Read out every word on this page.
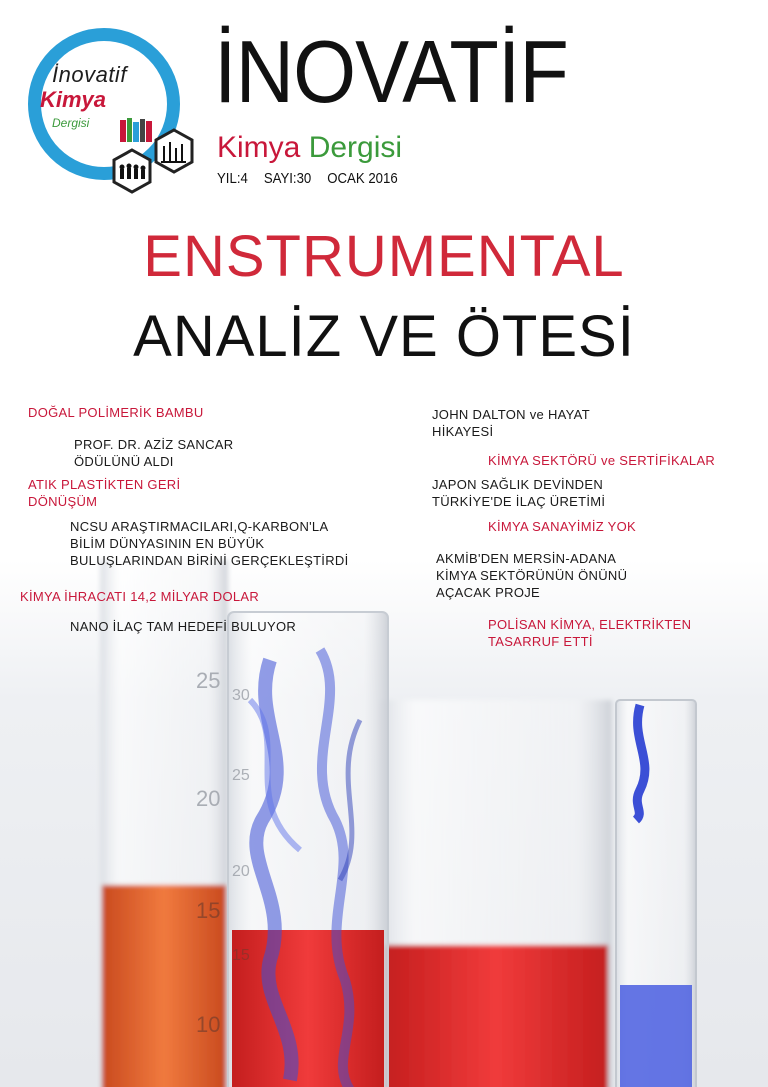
25
20
15
10
30
25
20
15
İnovatif
Kimya
Dergisi
İNOVATİF
Kimya Dergisi
YIL:4 SAYI:30 OCAK 2016
ENSTRUMENTAL
ANALİZ VE ÖTESİ
DOĞAL POLİMERİK BAMBU
PROF. DR. AZİZ SANCAR
ÖDÜLÜNÜ ALDI
ATIK PLASTİKTEN GERİ
DÖNÜŞÜM
NCSU ARAŞTIRMACILARI,Q-KARBON'LA
BİLİM DÜNYASININ EN BÜYÜK
BULUŞLARINDAN BİRİNİ GERÇEKLEŞTİRDİ
KİMYA İHRACATI 14,2 MİLYAR DOLAR
NANO İLAÇ TAM HEDEFİ BULUYOR
JOHN DALTON ve HAYAT
HİKAYESİ
KİMYA SEKTÖRÜ ve SERTİFİKALAR
JAPON SAĞLIK DEVİNDEN
TÜRKİYE'DE İLAÇ ÜRETİMİ
KİMYA SANAYİMİZ YOK
AKMİB'DEN MERSİN-ADANA
KİMYA SEKTÖRÜNÜN ÖNÜNÜ
AÇACAK PROJE
POLİSAN KİMYA, ELEKTRİKTEN
TASARRUF ETTİ
